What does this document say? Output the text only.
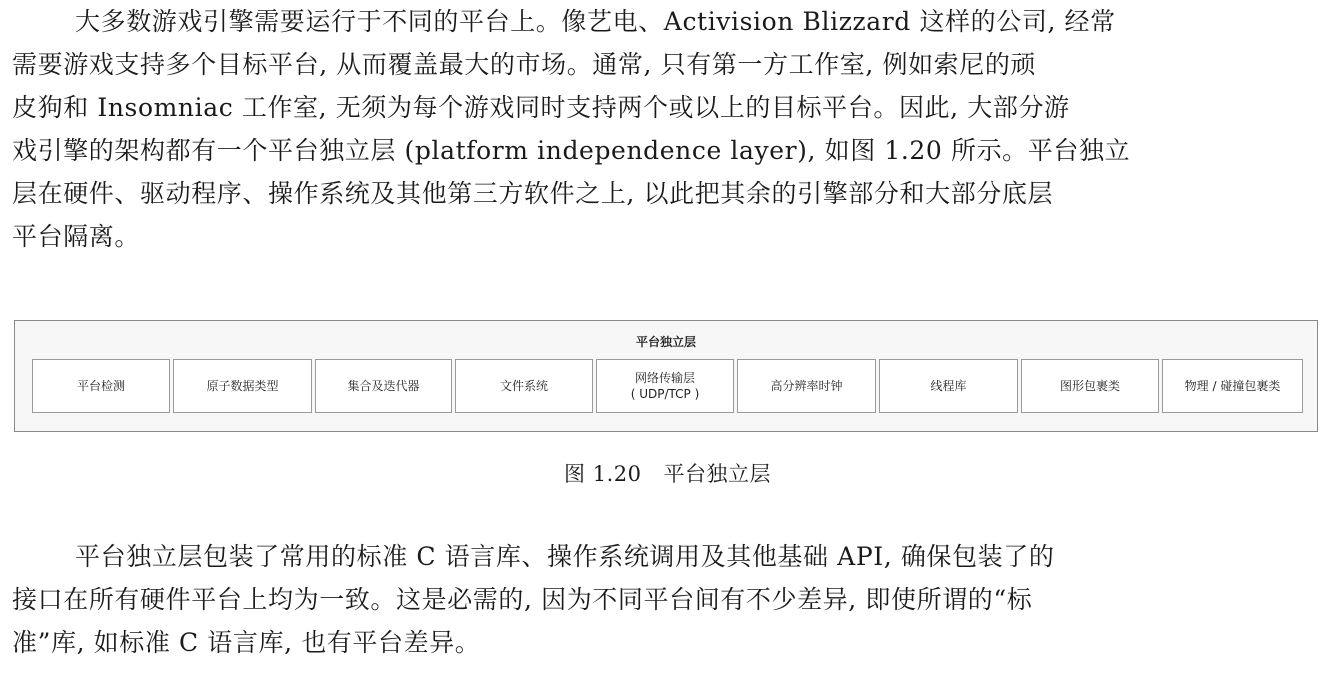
大多数游戏引擎需要运行于不同的平台上。像艺电、Activision Blizzard 这样的公司, 经常
需要游戏支持多个目标平台, 从而覆盖最大的市场。通常, 只有第一方工作室, 例如索尼的顽
皮狗和 Insomniac 工作室, 无须为每个游戏同时支持两个或以上的目标平台。因此, 大部分游
戏引擎的架构都有一个平台独立层 (platform independence layer), 如图 1.20 所示。平台独立
层在硬件、驱动程序、操作系统及其他第三方软件之上, 以此把其余的引擎部分和大部分底层
平台隔离。
平台独立层
平台检测	原子数据类型	集合及迭代器	文件系统
网络传输层
( UDP/TCP )
高分辨率时钟	线程库	图形包裹类	物理 / 碰撞包裹类
图 1.20 平台独立层
平台独立层包装了常用的标准 C 语言库、操作系统调用及其他基础 API, 确保包装了的
接口在所有硬件平台上均为一致。这是必需的, 因为不同平台间有不少差异, 即使所谓的“标
准”库, 如标准 C 语言库, 也有平台差异。
